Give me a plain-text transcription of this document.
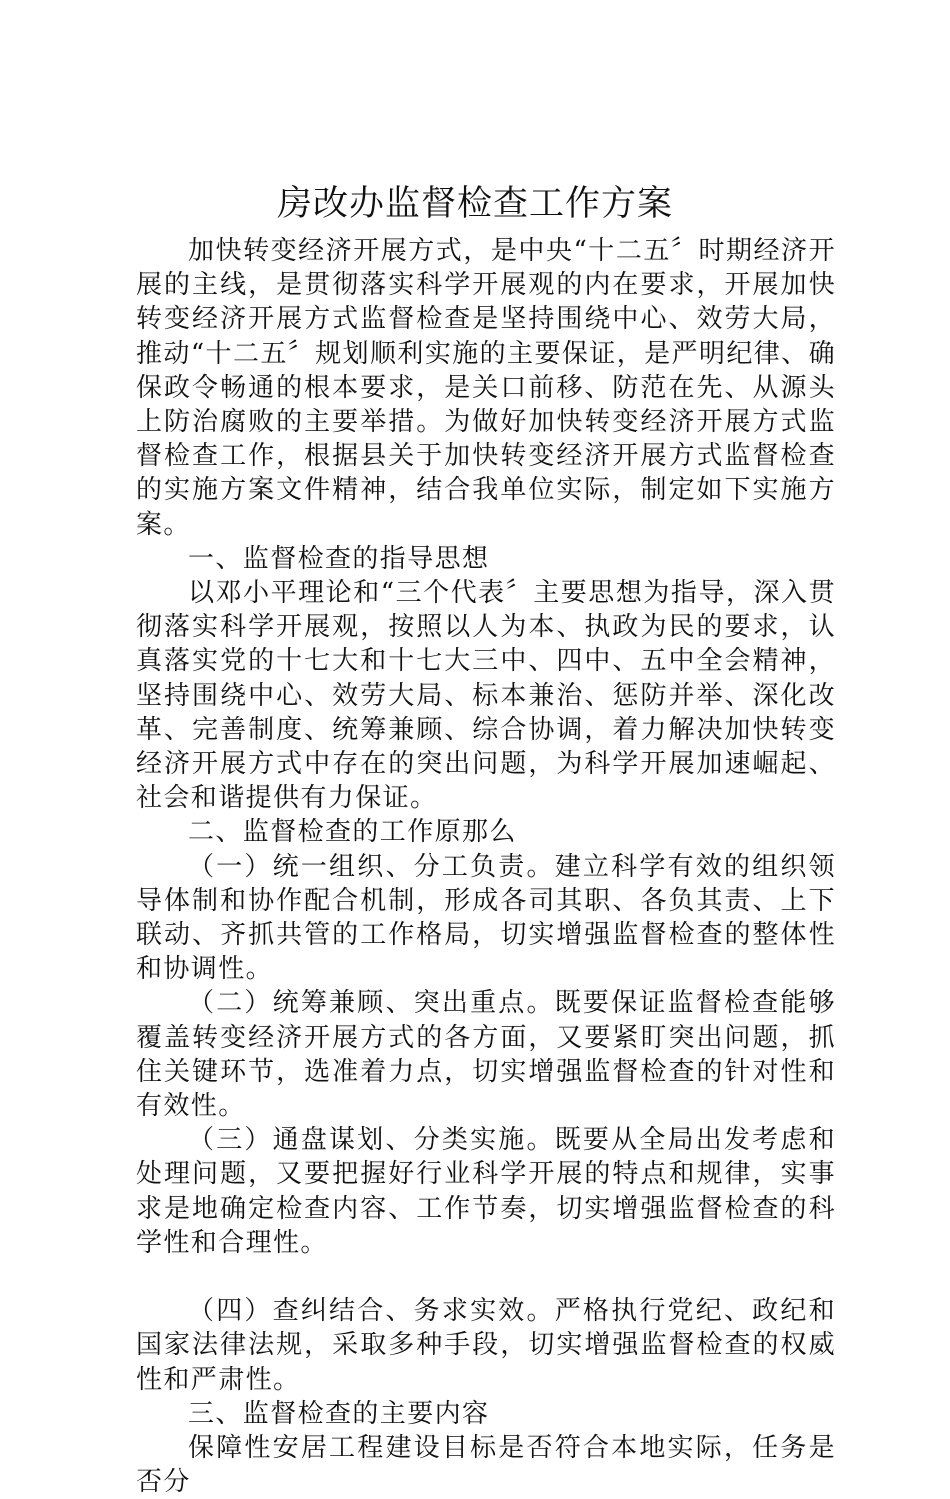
房改办监督检查工作方案

加快转变经济开展方式，是中央“十二五〞时期经济开展的主线，是贯彻落实科学开展观的内在要求，开展加快转变经济开展方式监督检查是坚持围绕中心、效劳大局，推动“十二五〞规划顺利实施的主要保证，是严明纪律、确保政令畅通的根本要求，是关口前移、防范在先、从源头上防治腐败的主要举措。为做好加快转变经济开展方式监督检查工作，根据县关于加快转变经济开展方式监督检查的实施方案文件精神，结合我单位实际，制定如下实施方案。

一、监督检查的指导思想

以邓小平理论和“三个代表〞主要思想为指导，深入贯彻落实科学开展观，按照以人为本、执政为民的要求，认真落实党的十七大和十七大三中、四中、五中全会精神，坚持围绕中心、效劳大局、标本兼治、惩防并举、深化改革、完善制度、统筹兼顾、综合协调，着力解决加快转变经济开展方式中存在的突出问题，为科学开展加速崛起、社会和谐提供有力保证。

二、监督检查的工作原那么

（一）统一组织、分工负责。建立科学有效的组织领导体制和协作配合机制，形成各司其职、各负其责、上下联动、齐抓共管的工作格局，切实增强监督检查的整体性和协调性。

（二）统筹兼顾、突出重点。既要保证监督检查能够覆盖转变经济开展方式的各方面，又要紧盯突出问题，抓住关键环节，选准着力点，切实增强监督检查的针对性和有效性。

（三）通盘谋划、分类实施。既要从全局出发考虑和处理问题，又要把握好行业科学开展的特点和规律，实事求是地确定检查内容、工作节奏，切实增强监督检查的科学性和合理性。

（四）查纠结合、务求实效。严格执行党纪、政纪和国家法律法规，采取多种手段，切实增强监督检查的权威性和严肃性。

三、监督检查的主要内容

保障性安居工程建设目标是否符合本地实际，任务是否分
